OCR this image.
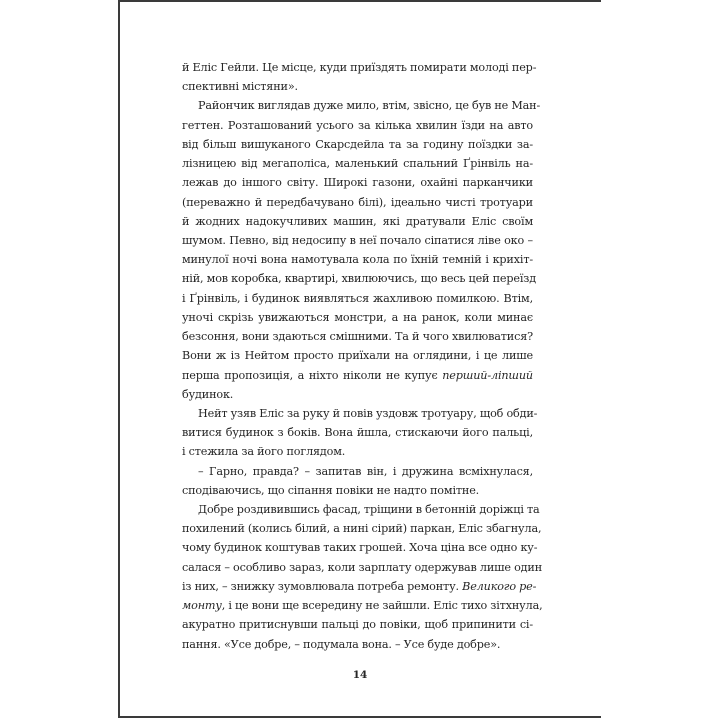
й Еліс Гейли. Це місце, куди приїздять помирати молоді пер-
спективні містяни».
Райончик виглядав дуже мило, втім, звісно, це був не Ман-
геттен. Розташований усього за кілька хвилин їзди на авто
від більш вишуканого Скарсдейла та за годину поїздки за-
лізницею від мегаполіса, маленький спальний Ґрінвіль на-
лежав до іншого світу. Широкі газони, охайні парканчики
(переважно й передбачувано білі), ідеально чисті тротуари
й жодних надокучливих машин, які дратували Еліс своїм
шумом. Певно, від недосипу в неї почало сіпатися ліве око –
минулої ночі вона намотувала кола по їхній темній і крихіт-
ній, мов коробка, квартирі, хвилюючись, що весь цей переїзд
і Ґрінвіль, і будинок виявляться жахливою помилкою. Втім,
уночі скрізь увижаються монстри, а на ранок, коли минає
безсоння, вони здаються смішними. Та й чого хвилюватися?
Вони ж із Нейтом просто приїхали на оглядини, і це лише
перша пропозиція, а ніхто ніколи не купує перший-ліпший
будинок.
Нейт узяв Еліс за руку й повів уздовж тротуару, щоб обди-
витися будинок з боків. Вона йшла, стискаючи його пальці,
і стежила за його поглядом.
– Гарно, правда? – запитав він, і дружина всміхнулася,
сподіваючись, що сіпання повіки не надто помітне.
Добре роздивившись фасад, тріщини в бетонній доріжці та
похилений (колись білий, а нині сірий) паркан, Еліс збагнула,
чому будинок коштував таких грошей. Хоча ціна все одно ку-
салася – особливо зараз, коли зарплату одержував лише один
із них, – знижку зумовлювала потреба ремонту. Великого ре-
монту, і це вони ще всередину не зайшли. Еліс тихо зітхнула,
акуратно притиснувши пальці до повіки, щоб припинити сі-
пання. «Усе добре, – подумала вона. – Усе буде добре».
14
